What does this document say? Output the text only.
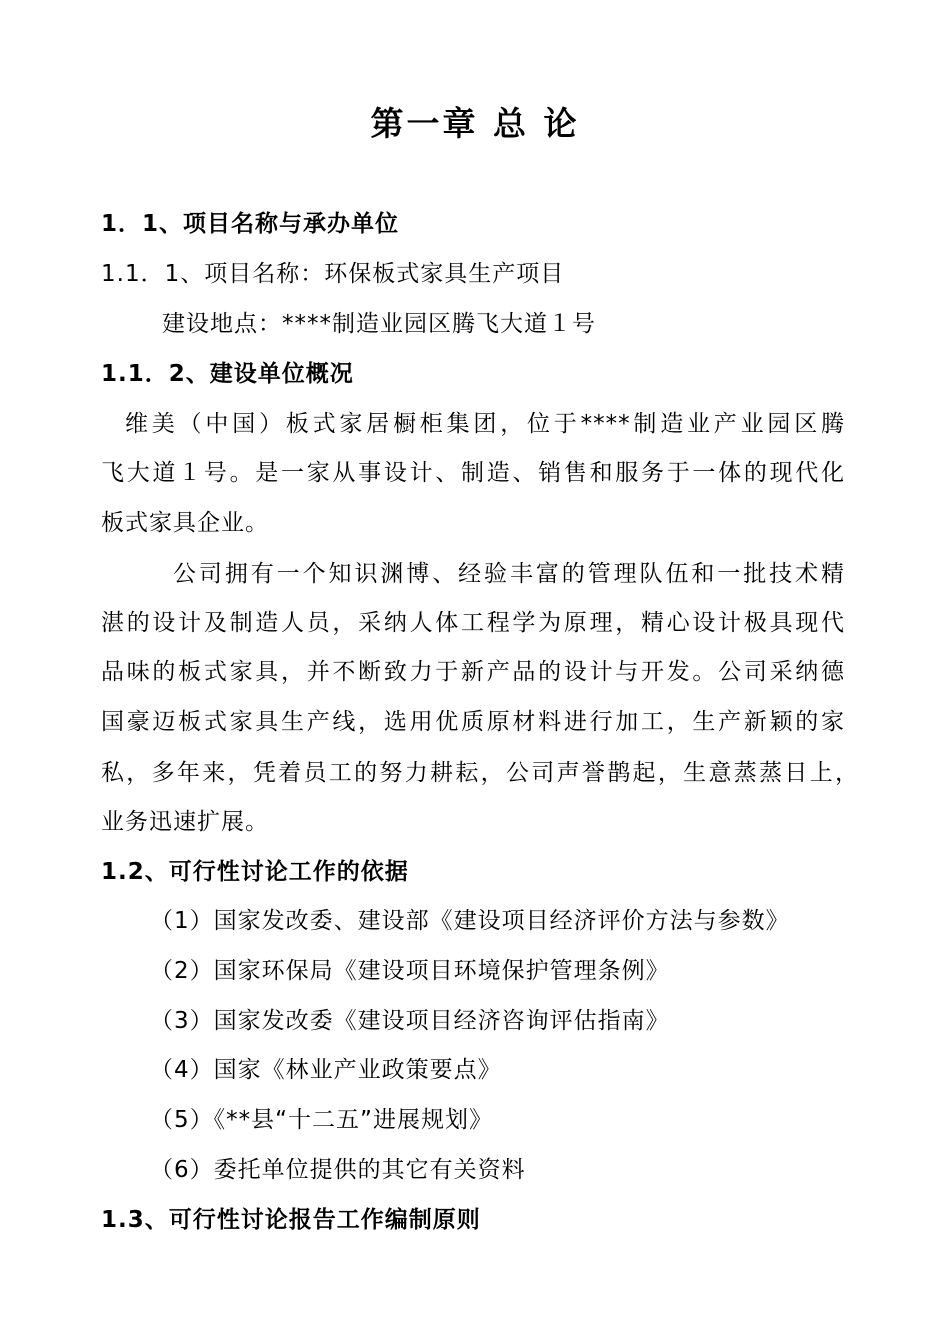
第一章 总 论

1．1、项目名称与承办单位

1.1．1、项目名称：环保板式家具生产项目

建设地点：****制造业园区腾飞大道１号

1.1．2、建设单位概况

维美（中国）板式家居橱柜集团，位于****制造业产业园区腾

飞大道１号。是一家从事设计、制造、销售和服务于一体的现代化

板式家具企业。

公司拥有一个知识渊博、经验丰富的管理队伍和一批技术精

湛的设计及制造人员，采纳人体工程学为原理，精心设计极具现代

品味的板式家具，并不断致力于新产品的设计与开发。公司采纳德

国豪迈板式家具生产线，选用优质原材料进行加工，生产新颖的家

私，多年来，凭着员工的努力耕耘，公司声誉鹊起，生意蒸蒸日上，

业务迅速扩展。

1.2、可行性讨论工作的依据

（1）国家发改委、建设部《建设项目经济评价方法与参数》

（2）国家环保局《建设项目环境保护管理条例》

（3）国家发改委《建设项目经济咨询评估指南》

（4）国家《林业产业政策要点》

（5）《**县“十二五”进展规划》

（6）委托单位提供的其它有关资料

1.3、可行性讨论报告工作编制原则
